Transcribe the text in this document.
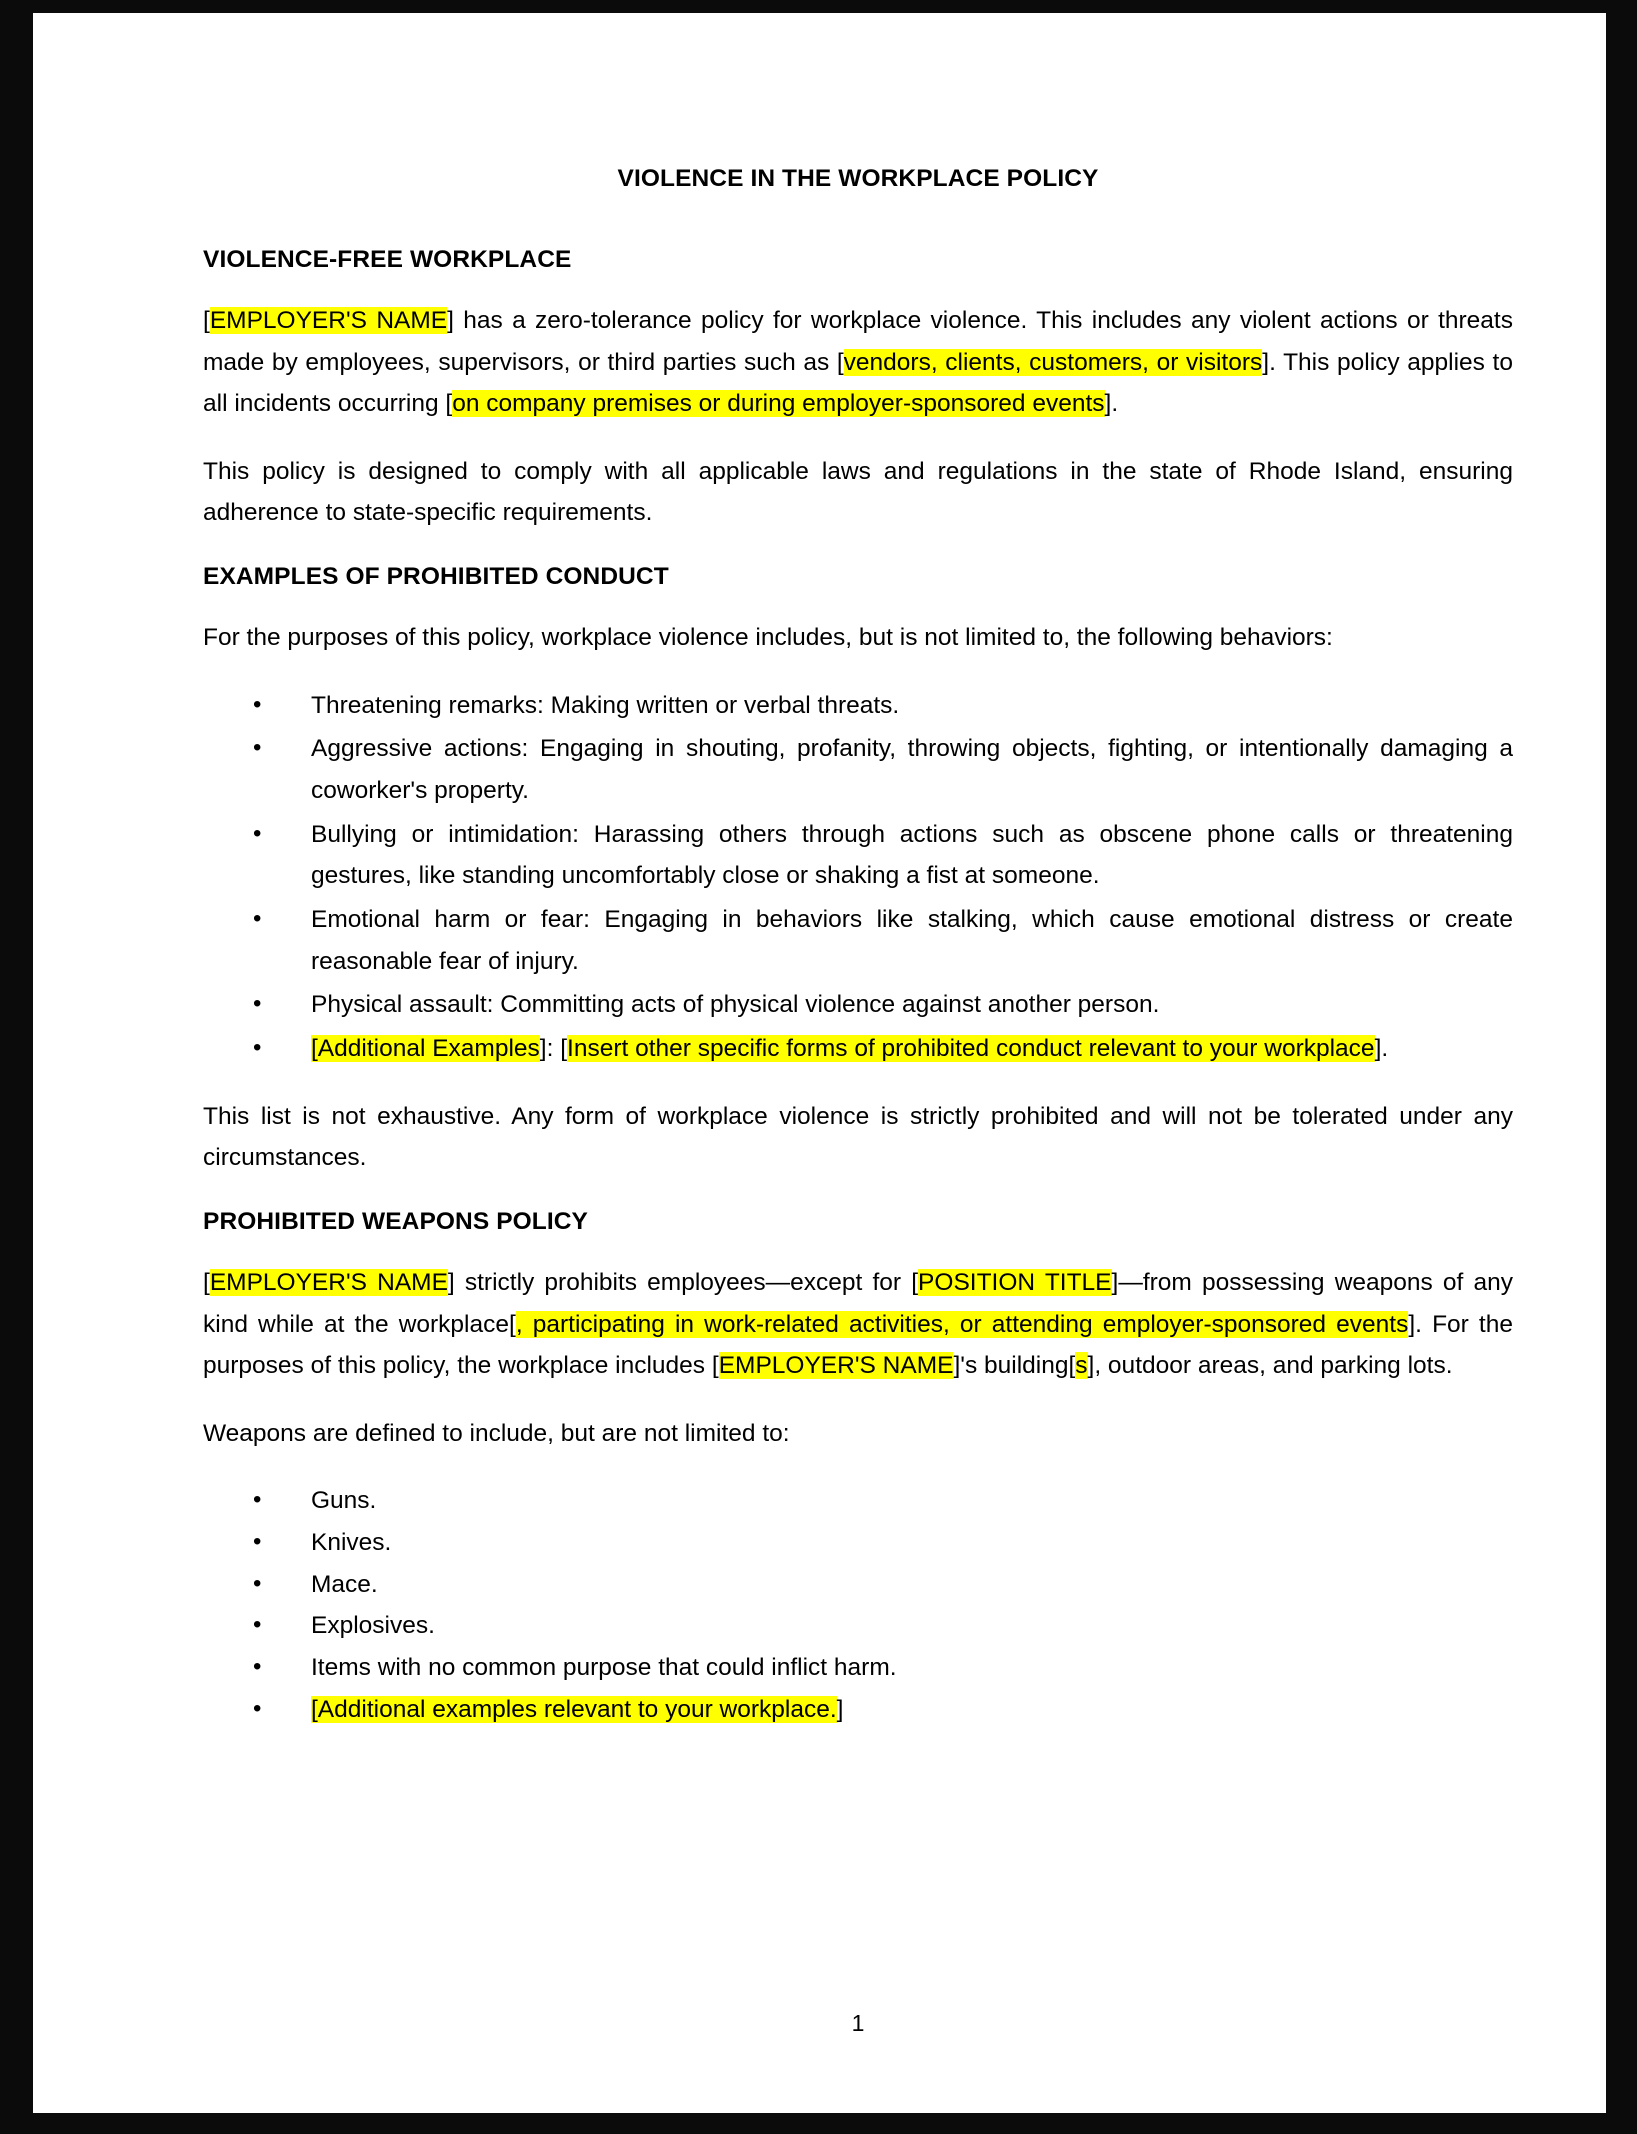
VIOLENCE IN THE WORKPLACE POLICY
VIOLENCE-FREE WORKPLACE

[EMPLOYER'S NAME] has a zero-tolerance policy for workplace violence. This includes any violent actions or threats made by employees, supervisors, or third parties such as [vendors, clients, customers, or visitors]. This policy applies to all incidents occurring [on company premises or during employer-sponsored events].

This policy is designed to comply with all applicable laws and regulations in the state of Rhode Island, ensuring adherence to state-specific requirements.

EXAMPLES OF PROHIBITED CONDUCT

For the purposes of this policy, workplace violence includes, but is not limited to, the following behaviors:

• Threatening remarks: Making written or verbal threats.
• Aggressive actions: Engaging in shouting, profanity, throwing objects, fighting, or intentionally damaging a coworker's property.
• Bullying or intimidation: Harassing others through actions such as obscene phone calls or threatening gestures, like standing uncomfortably close or shaking a fist at someone.
• Emotional harm or fear: Engaging in behaviors like stalking, which cause emotional distress or create reasonable fear of injury.
• Physical assault: Committing acts of physical violence against another person.
• [Additional Examples]: [Insert other specific forms of prohibited conduct relevant to your workplace].

This list is not exhaustive. Any form of workplace violence is strictly prohibited and will not be tolerated under any circumstances.

PROHIBITED WEAPONS POLICY

[EMPLOYER'S NAME] strictly prohibits employees—except for [POSITION TITLE]—from possessing weapons of any kind while at the workplace[, participating in work-related activities, or attending employer-sponsored events]. For the purposes of this policy, the workplace includes [EMPLOYER'S NAME]'s building[s], outdoor areas, and parking lots.

Weapons are defined to include, but are not limited to:

• Guns.
• Knives.
• Mace.
• Explosives.
• Items with no common purpose that could inflict harm.
• [Additional examples relevant to your workplace.]
1
